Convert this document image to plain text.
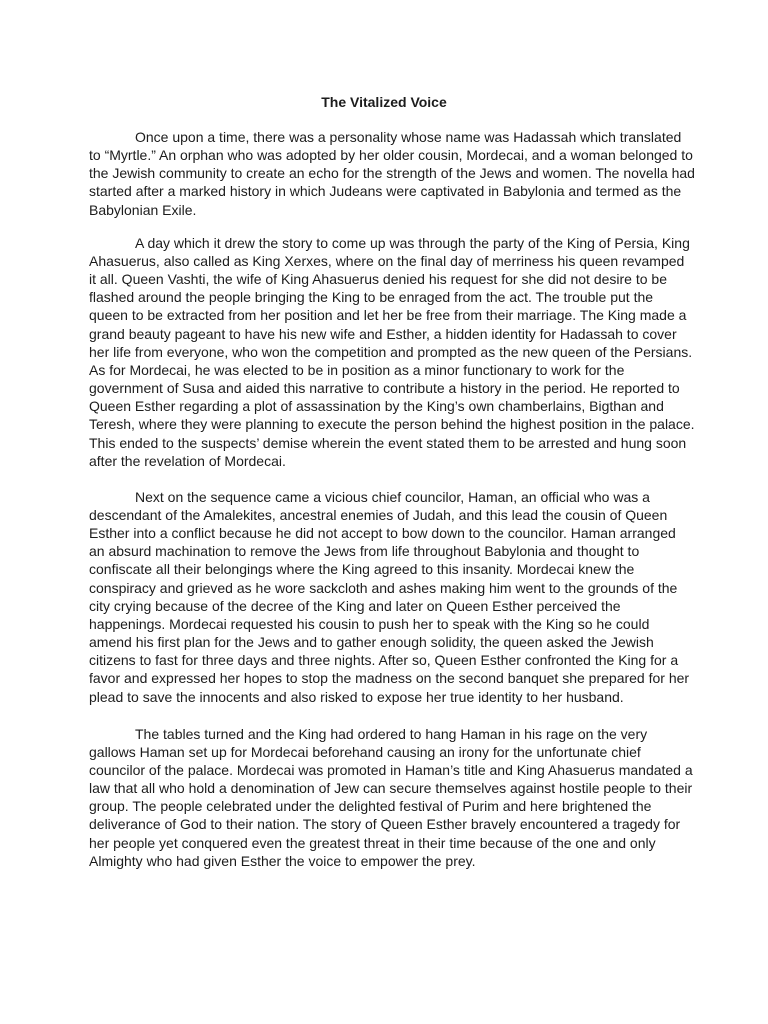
The Vitalized Voice

Once upon a time, there was a personality whose name was Hadassah which translated to “Myrtle.” An orphan who was adopted by her older cousin, Mordecai, and a woman belonged to the Jewish community to create an echo for the strength of the Jews and women. The novella had started after a marked history in which Judeans were captivated in Babylonia and termed as the Babylonian Exile.

A day which it drew the story to come up was through the party of the King of Persia, King Ahasuerus, also called as King Xerxes, where on the final day of merriness his queen revamped it all. Queen Vashti, the wife of King Ahasuerus denied his request for she did not desire to be flashed around the people bringing the King to be enraged from the act. The trouble put the queen to be extracted from her position and let her be free from their marriage. The King made a grand beauty pageant to have his new wife and Esther, a hidden identity for Hadassah to cover her life from everyone, who won the competition and prompted as the new queen of the Persians. As for Mordecai, he was elected to be in position as a minor functionary to work for the government of Susa and aided this narrative to contribute a history in the period. He reported to Queen Esther regarding a plot of assassination by the King’s own chamberlains, Bigthan and Teresh, where they were planning to execute the person behind the highest position in the palace. This ended to the suspects’ demise wherein the event stated them to be arrested and hung soon after the revelation of Mordecai.

Next on the sequence came a vicious chief councilor, Haman, an official who was a descendant of the Amalekites, ancestral enemies of Judah, and this lead the cousin of Queen Esther into a conflict because he did not accept to bow down to the councilor. Haman arranged an absurd machination to remove the Jews from life throughout Babylonia and thought to confiscate all their belongings where the King agreed to this insanity. Mordecai knew the conspiracy and grieved as he wore sackcloth and ashes making him went to the grounds of the city crying because of the decree of the King and later on Queen Esther perceived the happenings. Mordecai requested his cousin to push her to speak with the King so he could amend his first plan for the Jews and to gather enough solidity, the queen asked the Jewish citizens to fast for three days and three nights. After so, Queen Esther confronted the King for a favor and expressed her hopes to stop the madness on the second banquet she prepared for her plead to save the innocents and also risked to expose her true identity to her husband.

The tables turned and the King had ordered to hang Haman in his rage on the very gallows Haman set up for Mordecai beforehand causing an irony for the unfortunate chief councilor of the palace. Mordecai was promoted in Haman’s title and King Ahasuerus mandated a law that all who hold a denomination of Jew can secure themselves against hostile people to their group. The people celebrated under the delighted festival of Purim and here brightened the deliverance of God to their nation. The story of Queen Esther bravely encountered a tragedy for her people yet conquered even the greatest threat in their time because of the one and only Almighty who had given Esther the voice to empower the prey.
